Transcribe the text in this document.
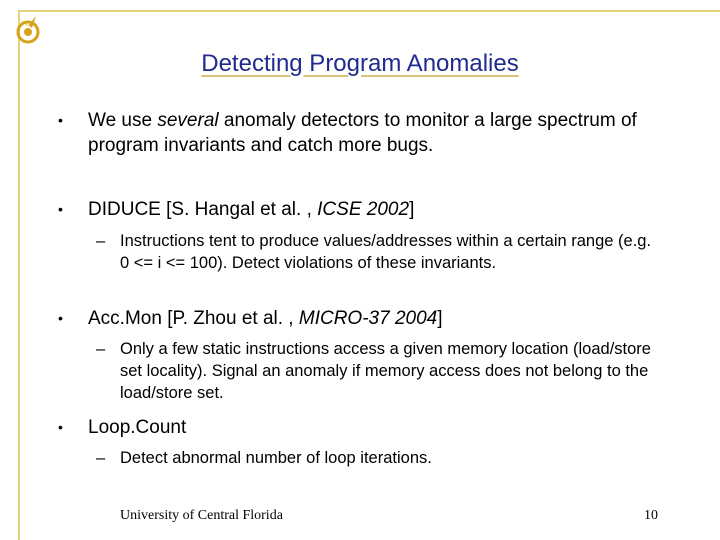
Detecting Program Anomalies
• We use several anomaly detectors to monitor a large spectrum of program invariants and catch more bugs.
• DIDUCE [S. Hangal et al. , ICSE 2002]
– Instructions tent to produce values/addresses within a certain range (e.g. 0 <= i <= 100). Detect violations of these invariants.
• Acc.Mon [P. Zhou et al. , MICRO-37 2004]
– Only a few static instructions access a given memory location (load/store set locality). Signal an anomaly if memory access does not belong to the load/store set.
• Loop.Count
– Detect abnormal number of loop iterations.
University of Central Florida	10
